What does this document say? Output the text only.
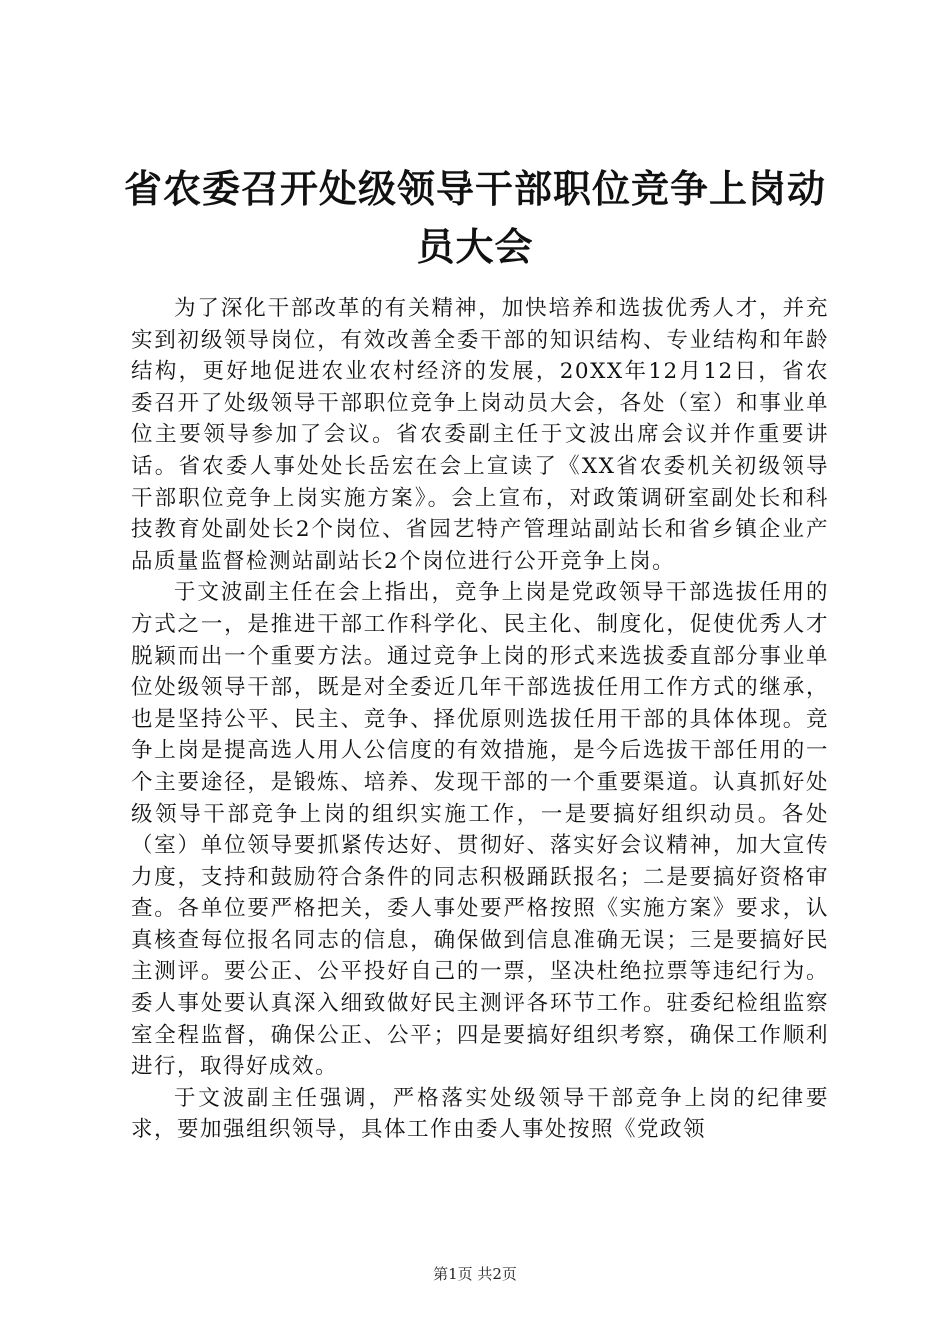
省农委召开处级领导干部职位竞争上岗动员大会

为了深化干部改革的有关精神，加快培养和选拔优秀人才，并充实到初级领导岗位，有效改善全委干部的知识结构、专业结构和年龄结构，更好地促进农业农村经济的发展，20XX年12月12日，省农委召开了处级领导干部职位竞争上岗动员大会，各处（室）和事业单位主要领导参加了会议。省农委副主任于文波出席会议并作重要讲话。省农委人事处处长岳宏在会上宣读了《XX省农委机关初级领导干部职位竞争上岗实施方案》。会上宣布，对政策调研室副处长和科技教育处副处长2个岗位、省园艺特产管理站副站长和省乡镇企业产品质量监督检测站副站长2个岗位进行公开竞争上岗。

于文波副主任在会上指出，竞争上岗是党政领导干部选拔任用的方式之一，是推进干部工作科学化、民主化、制度化，促使优秀人才脱颖而出一个重要方法。通过竞争上岗的形式来选拔委直部分事业单位处级领导干部，既是对全委近几年干部选拔任用工作方式的继承，也是坚持公平、民主、竞争、择优原则选拔任用干部的具体体现。竞争上岗是提高选人用人公信度的有效措施，是今后选拔干部任用的一个主要途径，是锻炼、培养、发现干部的一个重要渠道。认真抓好处级领导干部竞争上岗的组织实施工作，一是要搞好组织动员。各处（室）单位领导要抓紧传达好、贯彻好、落实好会议精神，加大宣传力度，支持和鼓励符合条件的同志积极踊跃报名；二是要搞好资格审查。各单位要严格把关，委人事处要严格按照《实施方案》要求，认真核查每位报名同志的信息，确保做到信息准确无误；三是要搞好民主测评。要公正、公平投好自己的一票，坚决杜绝拉票等违纪行为。委人事处要认真深入细致做好民主测评各环节工作。驻委纪检组监察室全程监督，确保公正、公平；四是要搞好组织考察，确保工作顺利进行，取得好成效。

于文波副主任强调，严格落实处级领导干部竞争上岗的纪律要求，要加强组织领导，具体工作由委人事处按照《党政领

第1页 共2页
